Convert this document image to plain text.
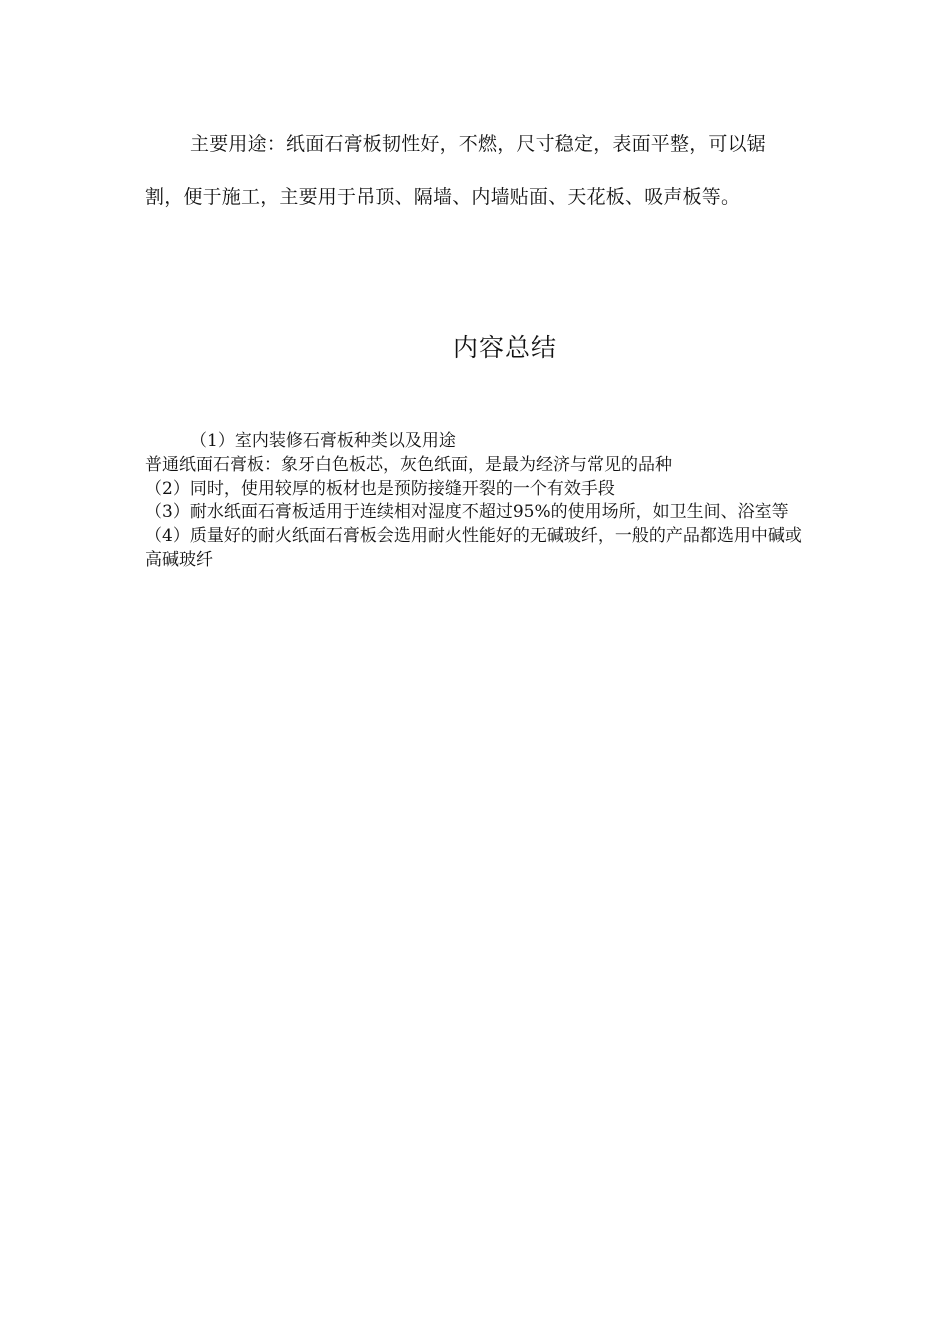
主要用途：纸面石膏板韧性好，不燃，尺寸稳定，表面平整，可以锯割，便于施工，主要用于吊顶、隔墙、内墙贴面、天花板、吸声板等。

内容总结
（1）室内装修石膏板种类以及用途
普通纸面石膏板：象牙白色板芯，灰色纸面，是最为经济与常见的品种
（2）同时，使用较厚的板材也是预防接缝开裂的一个有效手段
（3）耐水纸面石膏板适用于连续相对湿度不超过95%的使用场所，如卫生间、浴室等
（4）质量好的耐火纸面石膏板会选用耐火性能好的无碱玻纤，一般的产品都选用中碱或高碱玻纤
